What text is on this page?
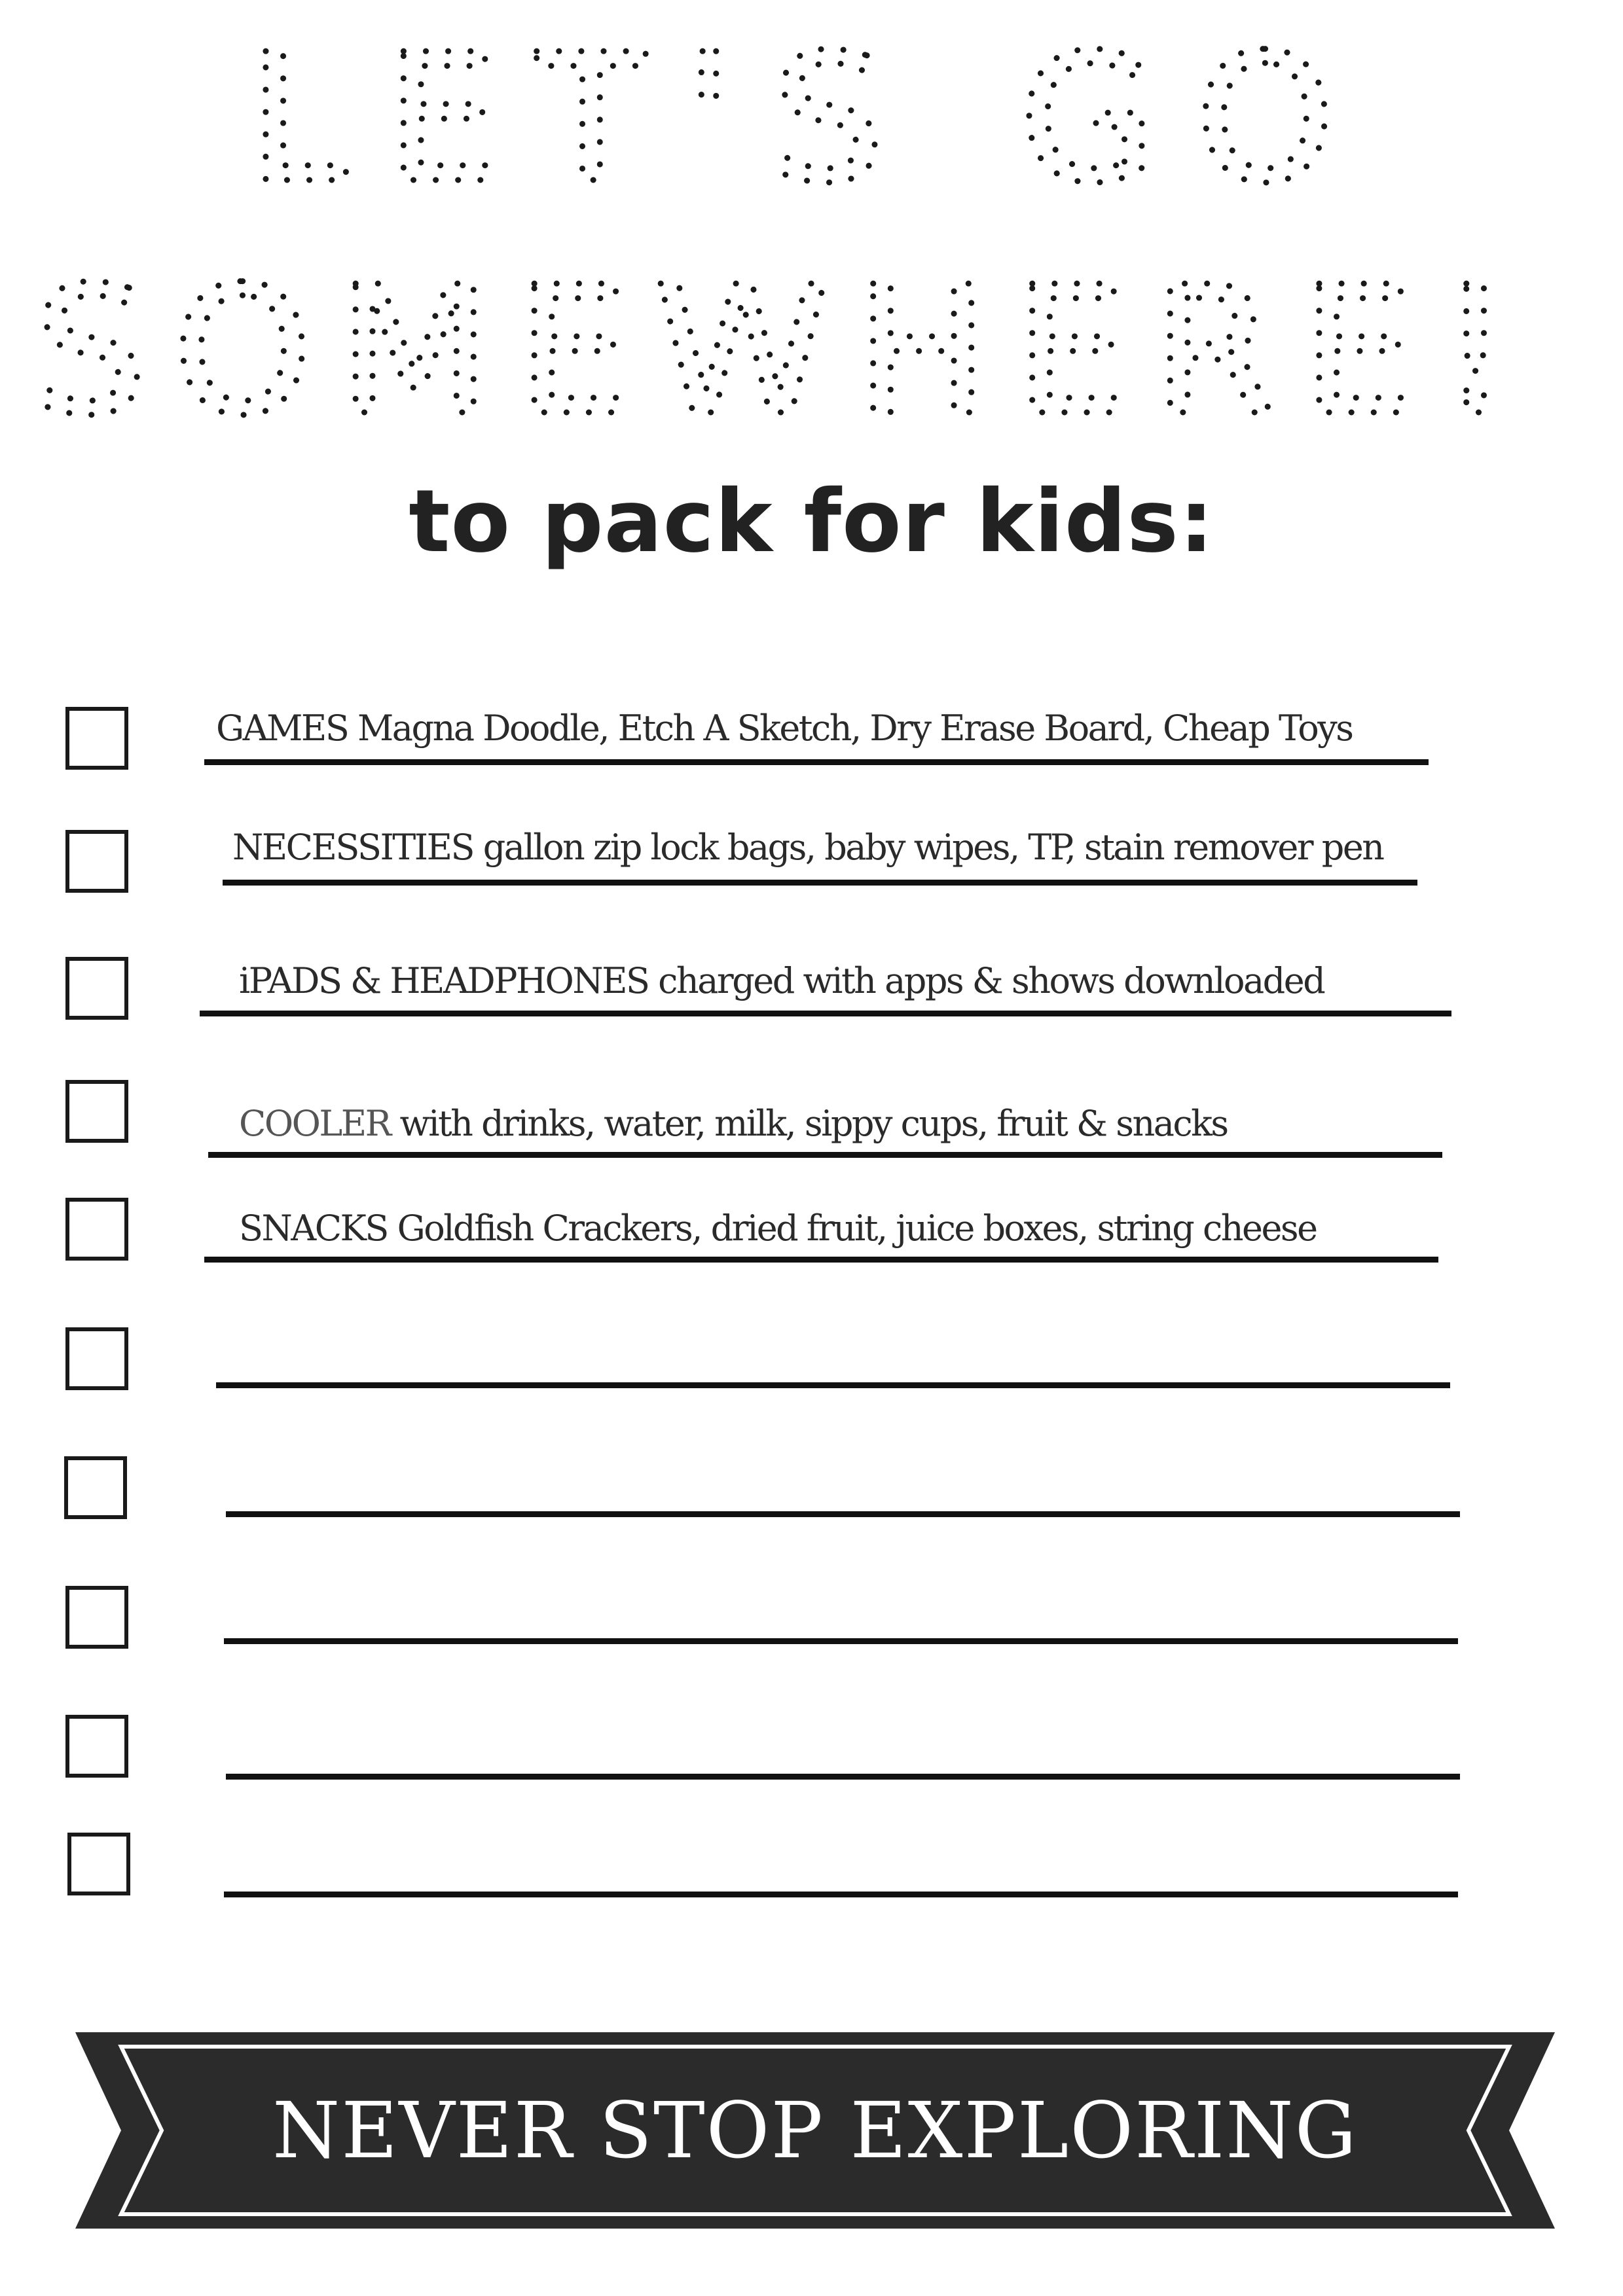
to pack for kids:
GAMES Magna Doodle, Etch A Sketch, Dry Erase Board, Cheap Toys
NECESSITIES gallon zip lock bags, baby wipes, TP, stain remover pen
iPADS & HEADPHONES charged with apps & shows downloaded
COOLER with drinks, water, milk, sippy cups, fruit & snacks
SNACKS Goldfish Crackers, dried fruit, juice boxes, string cheese
NEVER STOP EXPLORING
